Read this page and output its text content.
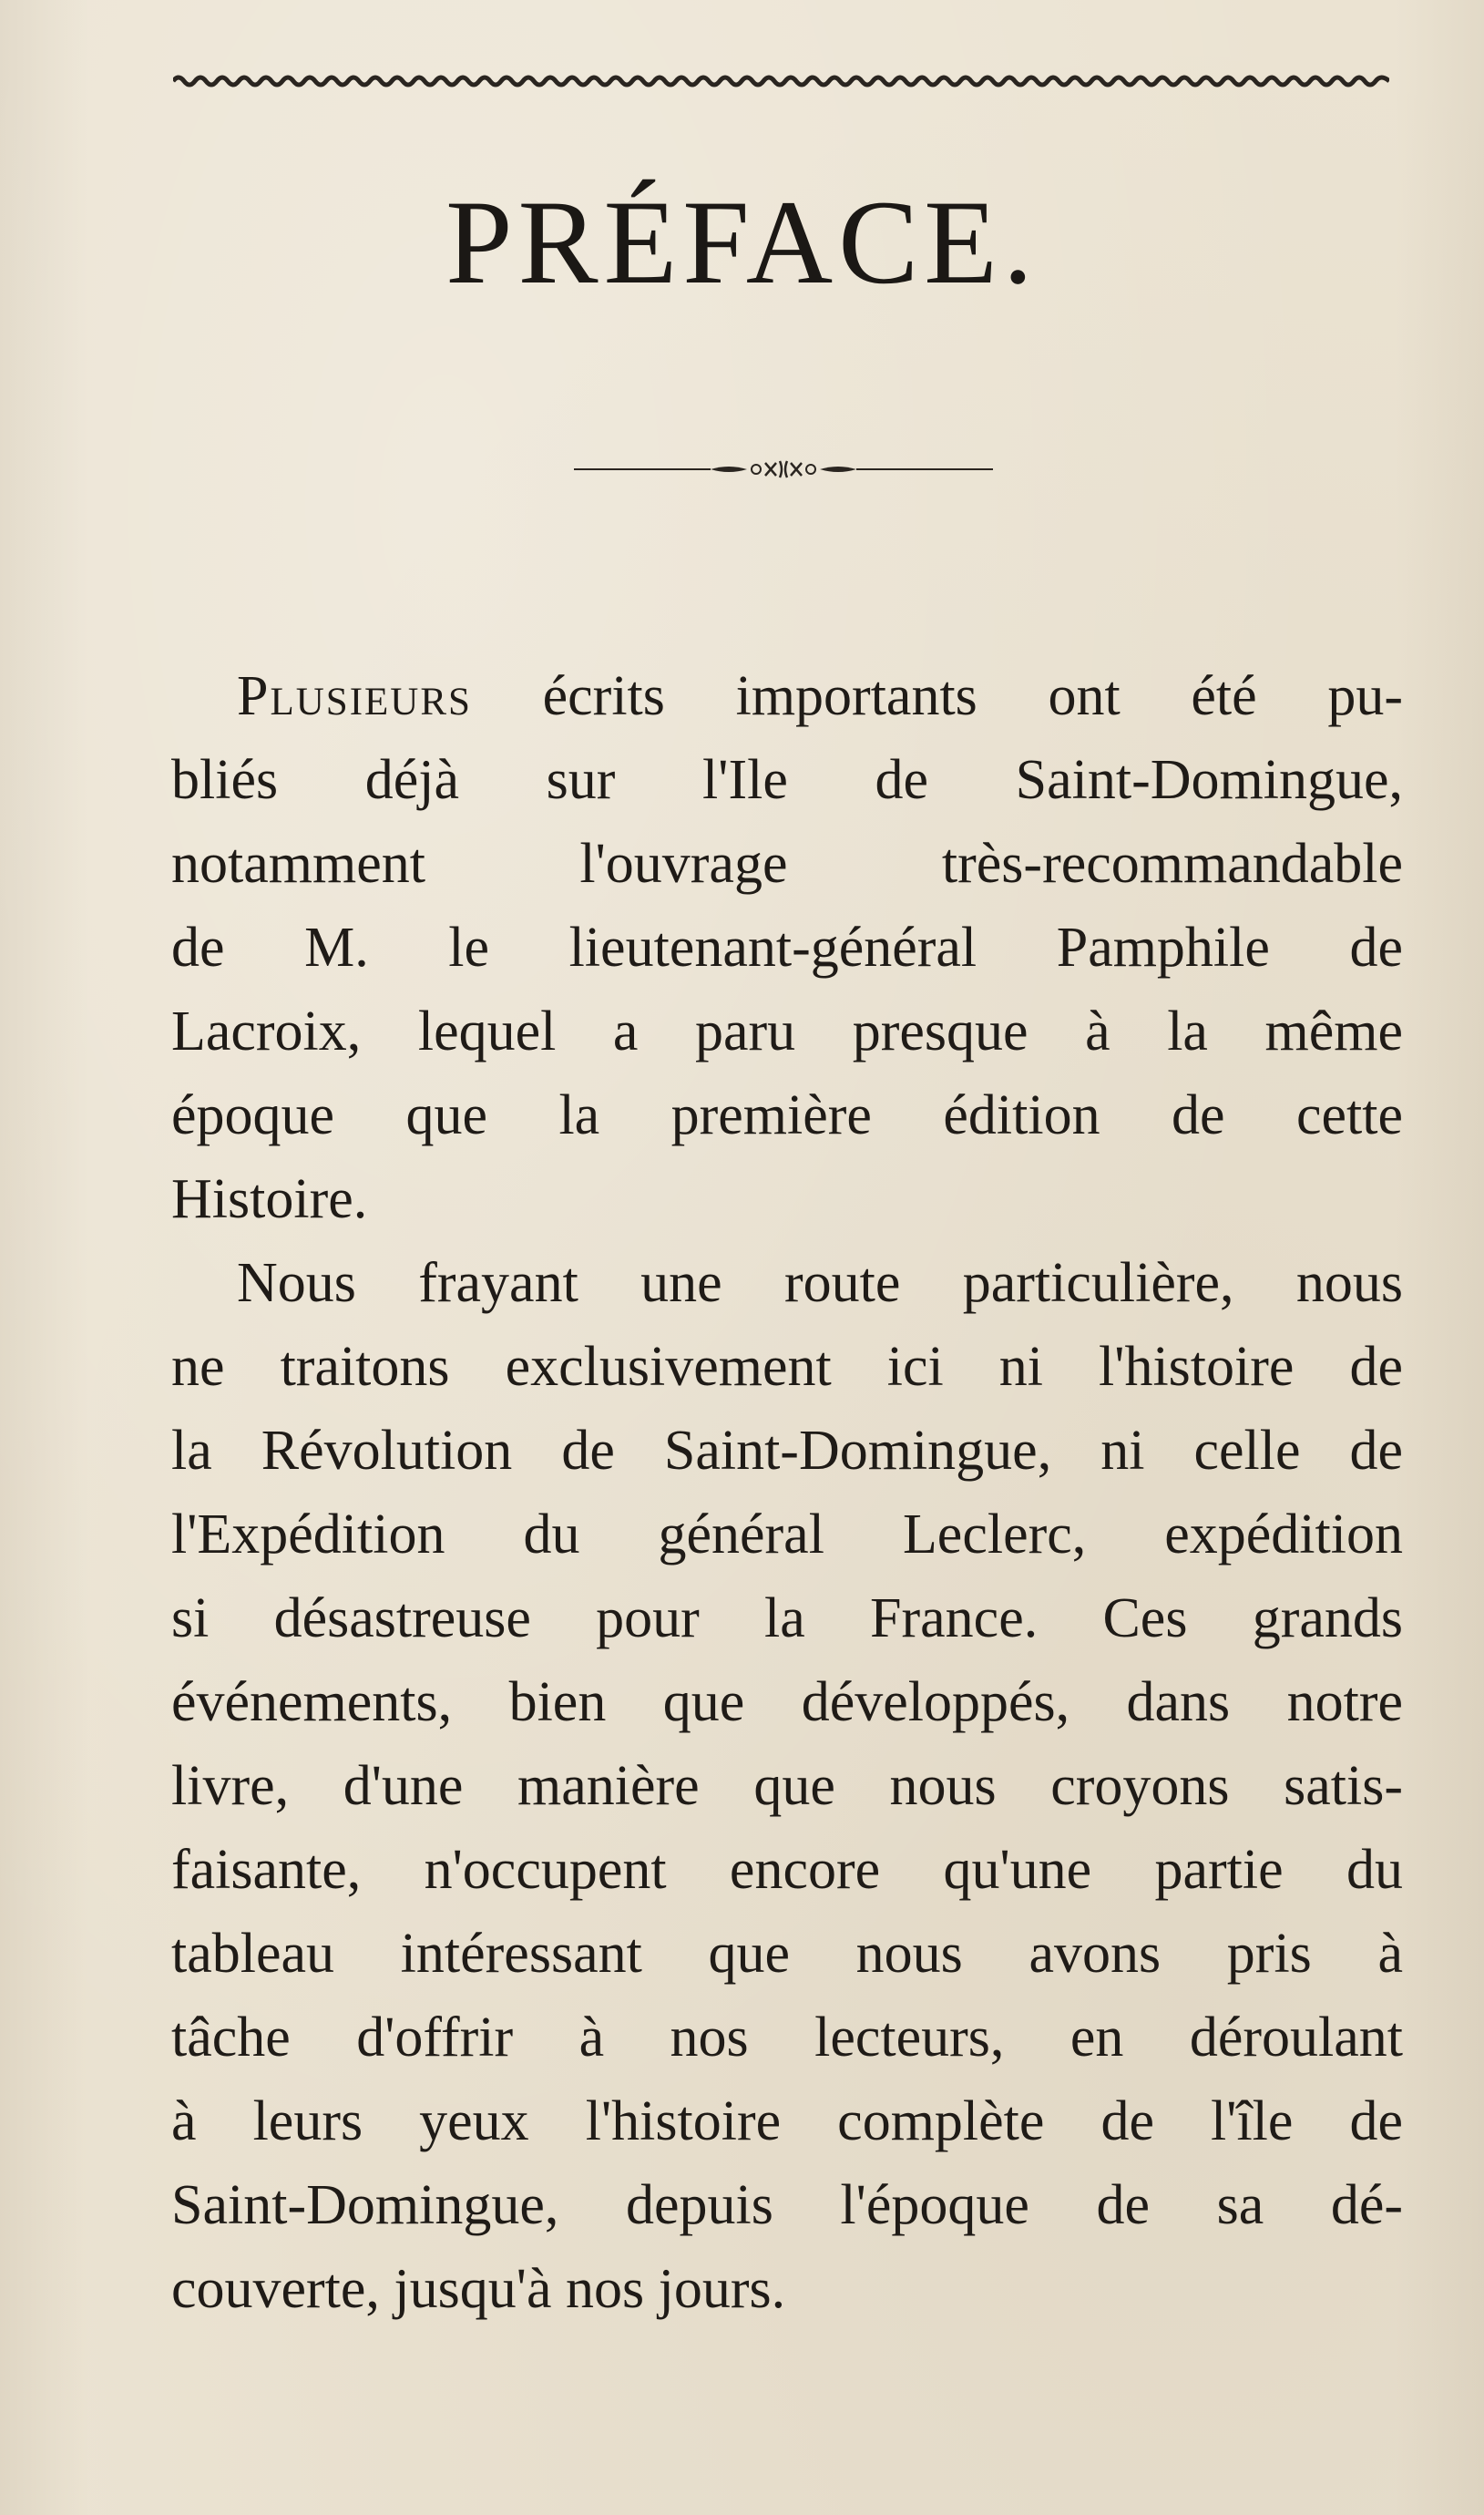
PRÉFACE.

Plusieurs écrits importants ont été pu-
bliés déjà sur l'Ile de Saint-Domingue,
notamment l'ouvrage très-recommandable
de M. le lieutenant-général Pamphile de
Lacroix, lequel a paru presque à la même
époque que la première édition de cette
Histoire.

Nous frayant une route particulière, nous
ne traitons exclusivement ici ni l'histoire de
la Révolution de Saint-Domingue, ni celle de
l'Expédition du général Leclerc, expédition
si désastreuse pour la France. Ces grands
événements, bien que développés, dans notre
livre, d'une manière que nous croyons satis-
faisante, n'occupent encore qu'une partie du
tableau intéressant que nous avons pris à
tâche d'offrir à nos lecteurs, en déroulant
à leurs yeux l'histoire complète de l'île de
Saint-Domingue, depuis l'époque de sa dé-
couverte, jusqu'à nos jours.
